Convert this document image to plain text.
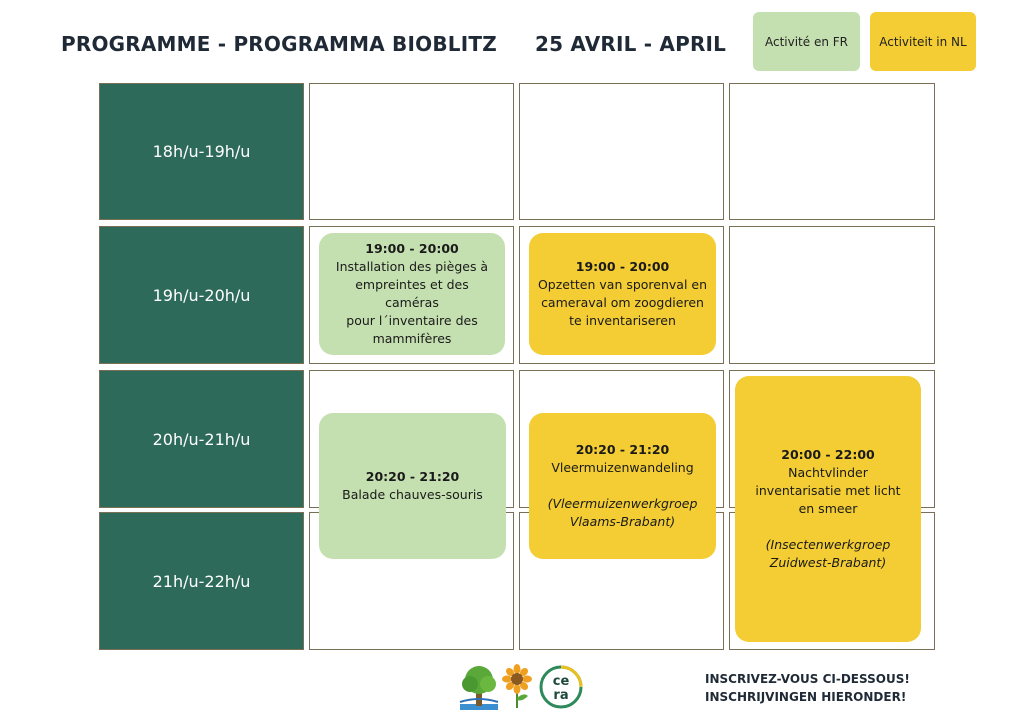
PROGRAMME - PROGRAMMA BIOBLITZ 25 AVRIL - APRIL	Activité en FR	Activiteit in NL
18h/u-19h/u
19h/u-20h/u
20h/u-21h/u
21h/u-22h/u
19:00 - 20:00
Installation des pièges à
empreintes et des caméras
pour l´inventaire des
mammifères
19:00 - 20:00
Opzetten van sporenval en
cameraval om zoogdieren
te inventariseren
20:20 - 21:20
Balade chauves-souris
20:20 - 21:20
Vleermuizenwandeling
(Vleermuizenwerkgroep
Vlaams-Brabant)
20:00 - 22:00
Nachtvlinder
inventarisatie met licht
en smeer
(Insectenwerkgroep
Zuidwest-Brabant)
ce
ra
INSCRIVEZ-VOUS CI-DESSOUS!
INSCHRIJVINGEN HIERONDER!
